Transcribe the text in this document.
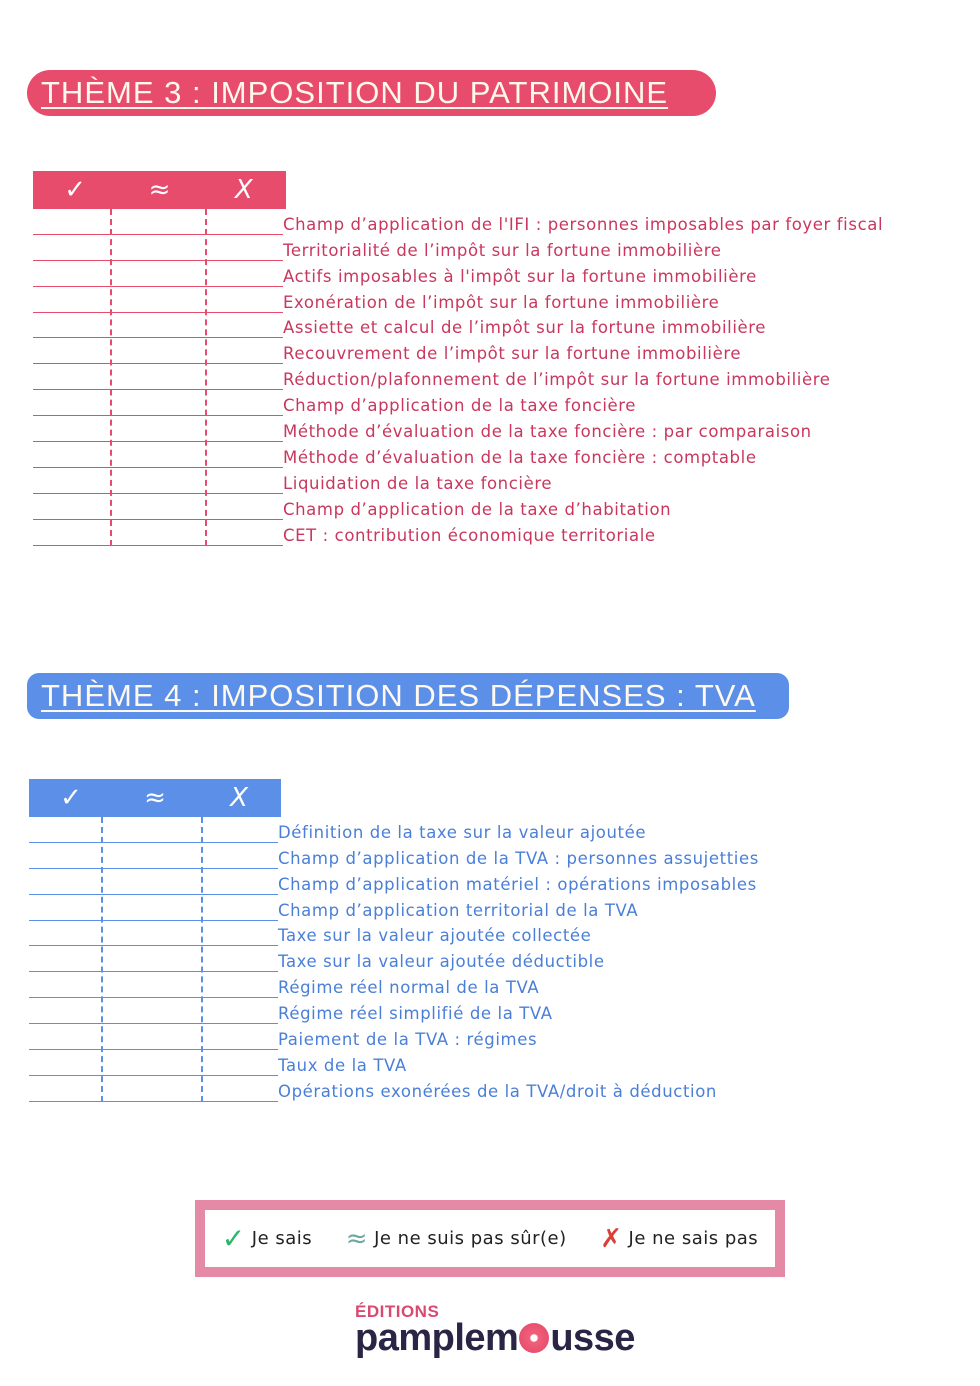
THÈME 3 : IMPOSITION DU PATRIMOINE
✓	≈	X
Champ d’application de l'IFI : personnes imposables par foyer fiscal
Territorialité de l’impôt sur la fortune immobilière
Actifs imposables à l'impôt sur la fortune immobilière
Exonération de l’impôt sur la fortune immobilière
Assiette et calcul de l’impôt sur la fortune immobilière
Recouvrement de l’impôt sur la fortune immobilière
Réduction/plafonnement de l’impôt sur la fortune immobilière
Champ d’application de la taxe foncière
Méthode d’évaluation de la taxe foncière : par comparaison
Méthode d’évaluation de la taxe foncière : comptable
Liquidation de la taxe foncière
Champ d’application de la taxe d’habitation
CET : contribution économique territoriale
THÈME 4 : IMPOSITION DES DÉPENSES : TVA
✓	≈	X
Définition de la taxe sur la valeur ajoutée
Champ d’application de la TVA : personnes assujetties
Champ d’application matériel : opérations imposables
Champ d’application territorial de la TVA
Taxe sur la valeur ajoutée collectée
Taxe sur la valeur ajoutée déductible
Régime réel normal de la TVA
Régime réel simplifié de la TVA
Paiement de la TVA : régimes
Taux de la TVA
Opérations exonérées de la TVA/droit à déduction
✓ Je sais ≈ Je ne suis pas sûr(e) ✗ Je ne sais pas
ÉDITIONS
pamplem usse
